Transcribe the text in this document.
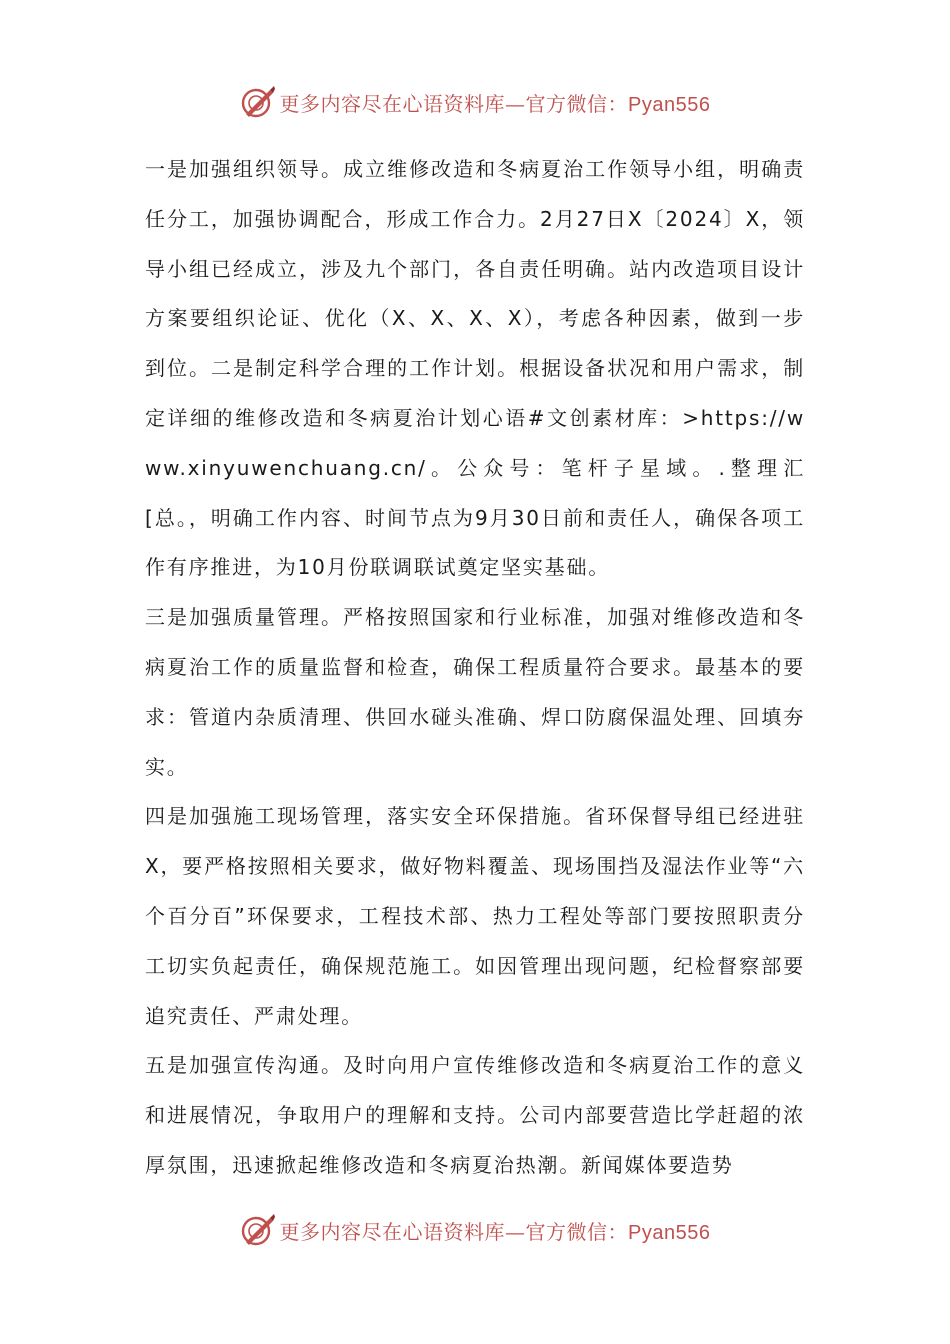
更多内容尽在心语资料库—官方微信：Pyan556

一是加强组织领导。成立维修改造和冬病夏治工作领导小组，明确责任分工，加强协调配合，形成工作合力。2月27日X〔2024〕X，领导小组已经成立，涉及九个部门，各自责任明确。站内改造项目设计方案要组织论证、优化（X、X、X、X），考虑各种因素，做到一步到位。二是制定科学合理的工作计划。根据设备状况和用户需求，制定详细的维修改造和冬病夏治计划心语#文创素材库：>https://www.xinyuwenchuang.cn/。公众号：笔杆子星域。.整理汇[总。，明确工作内容、时间节点为9月30日前和责任人，确保各项工作有序推进，为10月份联调联试奠定坚实基础。

三是加强质量管理。严格按照国家和行业标准，加强对维修改造和冬病夏治工作的质量监督和检查，确保工程质量符合要求。最基本的要求：管道内杂质清理、供回水碰头准确、焊口防腐保温处理、回填夯实。

四是加强施工现场管理，落实安全环保措施。省环保督导组已经进驻X，要严格按照相关要求，做好物料覆盖、现场围挡及湿法作业等“六个百分百”环保要求，工程技术部、热力工程处等部门要按照职责分工切实负起责任，确保规范施工。如因管理出现问题，纪检督察部要追究责任、严肃处理。

五是加强宣传沟通。及时向用户宣传维修改造和冬病夏治工作的意义和进展情况，争取用户的理解和支持。公司内部要营造比学赶超的浓厚氛围，迅速掀起维修改造和冬病夏治热潮。新闻媒体要造势

更多内容尽在心语资料库—官方微信：Pyan556
